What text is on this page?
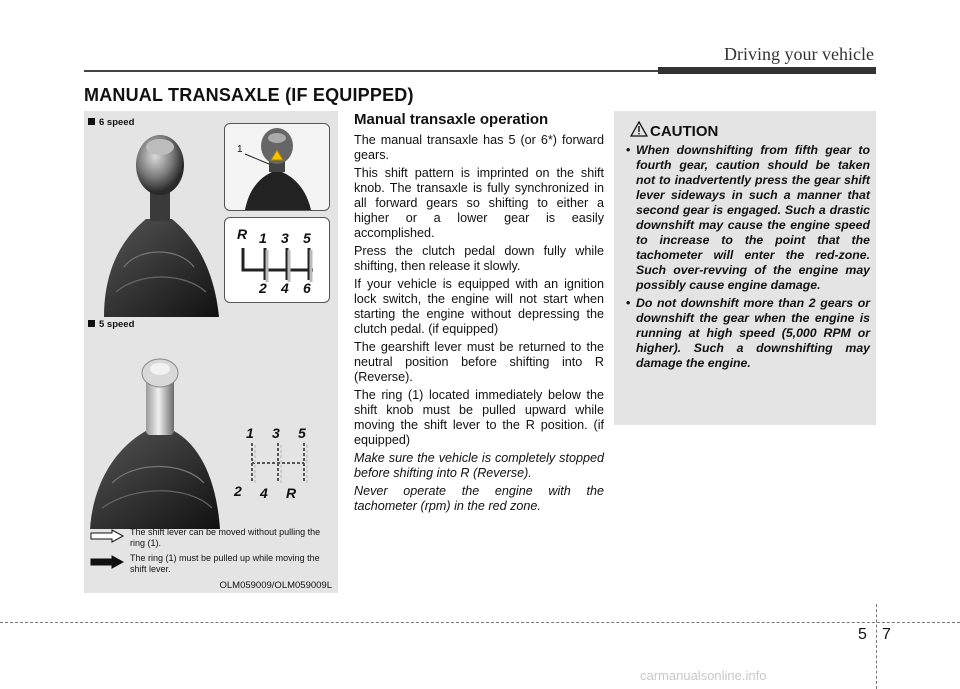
Driving your vehicle
MANUAL TRANSAXLE (IF EQUIPPED)
6 speed
1
R 1 3 5
2 4 6
5 speed
1 3 5
2 4 R
The shift lever can be moved without pulling the ring (1).
The ring (1) must be pulled up while moving the shift lever.
OLM059009/OLM059009L
Manual transaxle operation

The manual transaxle has 5 (or 6*) forward gears.

This shift pattern is imprinted on the shift knob. The transaxle is fully synchronized in all forward gears so shifting to either a higher or a lower gear is easily accomplished.

Press the clutch pedal down fully while shifting, then release it slowly.

If your vehicle is equipped with an ignition lock switch, the engine will not start when starting the engine without depressing the clutch pedal. (if equipped)

The gearshift lever must be returned to the neutral position before shifting into R (Reverse).

The ring (1) located immediately below the shift knob must be pulled upward while moving the shift lever to the R position. (if equipped)

Make sure the vehicle is completely stopped before shifting into R (Reverse).

Never operate the engine with the tachometer (rpm) in the red zone.

CAUTION
• When downshifting from fifth gear to fourth gear, caution should be taken not to inadvertently press the gear shift lever sideways in such a manner that second gear is engaged. Such a drastic downshift may cause the engine speed to increase to the point that the tachometer will enter the red-zone. Such over-revving of the engine may possibly cause engine damage.
• Do not downshift more than 2 gears or downshift the gear when the engine is running at high speed (5,000 RPM or higher). Such a downshifting may damage the engine.
5 7
carmanualsonline.info
